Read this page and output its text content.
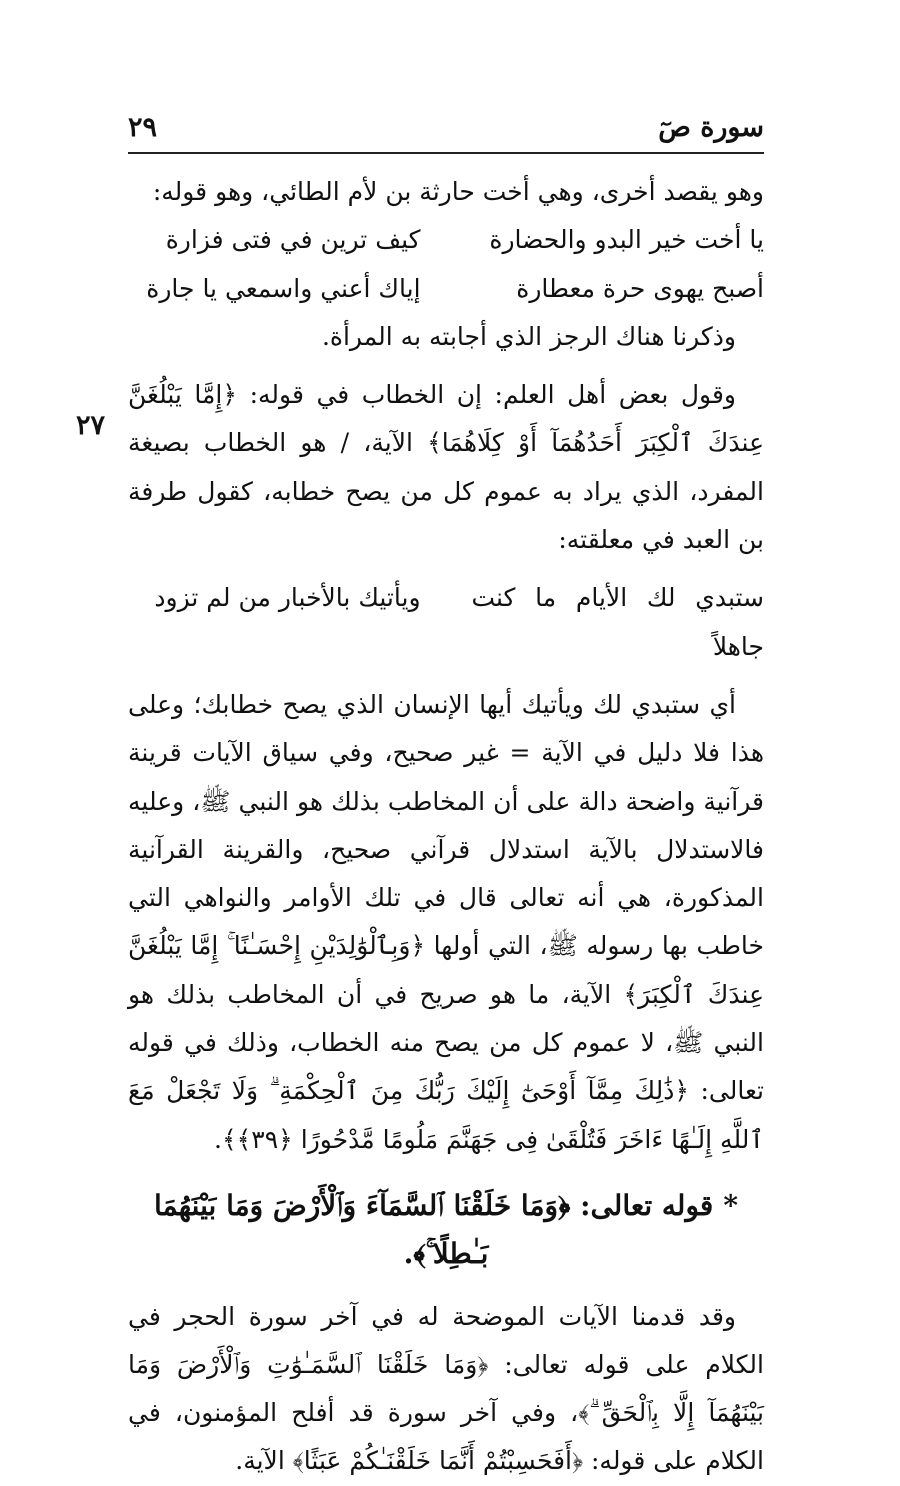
سورة صٓ
٢٩
٢٧

وهو يقصد أخرى، وهي أخت حارثة بن لأم الطائي، وهو قوله:

يا أخت خير البدو والحضارة
كيف ترين في فتى فزارة
أصبح يهوى حرة معطارة
إياك أعني واسمعي يا جارة

وذكرنا هناك الرجز الذي أجابته به المرأة.

وقول بعض أهل العلم: إن الخطاب في قوله: ﴿إِمَّا يَبْلُغَنَّ عِندَكَ ٱلْكِبَرَ أَحَدُهُمَآ أَوْ كِلَاهُمَا﴾ الآية، / هو الخطاب بصيغة المفرد، الذي يراد به عموم كل من يصح خطابه، كقول طرفة بن العبد في معلقته:

ستبدي لك الأيام ما كنت جاهلاً
ويأتيك بالأخبار من لم تزود

أي ستبدي لك ويأتيك أيها الإنسان الذي يصح خطابك؛ وعلى هذا فلا دليل في الآية = غير صحيح، وفي سياق الآيات قرينة قرآنية واضحة دالة على أن المخاطب بذلك هو النبي ﷺ، وعليه فالاستدلال بالآية استدلال قرآني صحيح، والقرينة القرآنية المذكورة، هي أنه تعالى قال في تلك الأوامر والنواهي التي خاطب بها رسوله ﷺ، التي أولها ﴿وَبِٱلْوَٰلِدَيْنِ إِحْسَـٰنًا ۚ إِمَّا يَبْلُغَنَّ عِندَكَ ٱلْكِبَرَ﴾ الآية، ما هو صريح في أن المخاطب بذلك هو النبي ﷺ، لا عموم كل من يصح منه الخطاب، وذلك في قوله تعالى: ﴿ذَٰلِكَ مِمَّآ أَوْحَىٰٓ إِلَيْكَ رَبُّكَ مِنَ ٱلْحِكْمَةِ ۗ وَلَا تَجْعَلْ مَعَ ٱللَّهِ إِلَـٰهًا ءَاخَرَ فَتُلْقَىٰ فِى جَهَنَّمَ مَلُومًا مَّدْحُورًا ﴿٣٩﴾﴾.

*قوله تعالى: ﴿وَمَا خَلَقْنَا ٱلسَّمَآءَ وَٱلْأَرْضَ وَمَا بَيْنَهُمَا بَـٰطِلًا ۚ﴾.

وقد قدمنا الآيات الموضحة له في آخر سورة الحجر في الكلام على قوله تعالى: ﴿وَمَا خَلَقْنَا ٱلسَّمَـٰوَٰتِ وَٱلْأَرْضَ وَمَا بَيْنَهُمَآ إِلَّا بِٱلْحَقِّ ۗ﴾، وفي آخر سورة قد أفلح المؤمنون، في الكلام على قوله: ﴿أَفَحَسِبْتُمْ أَنَّمَا خَلَقْنَـٰكُمْ عَبَثًا﴾ الآية.
